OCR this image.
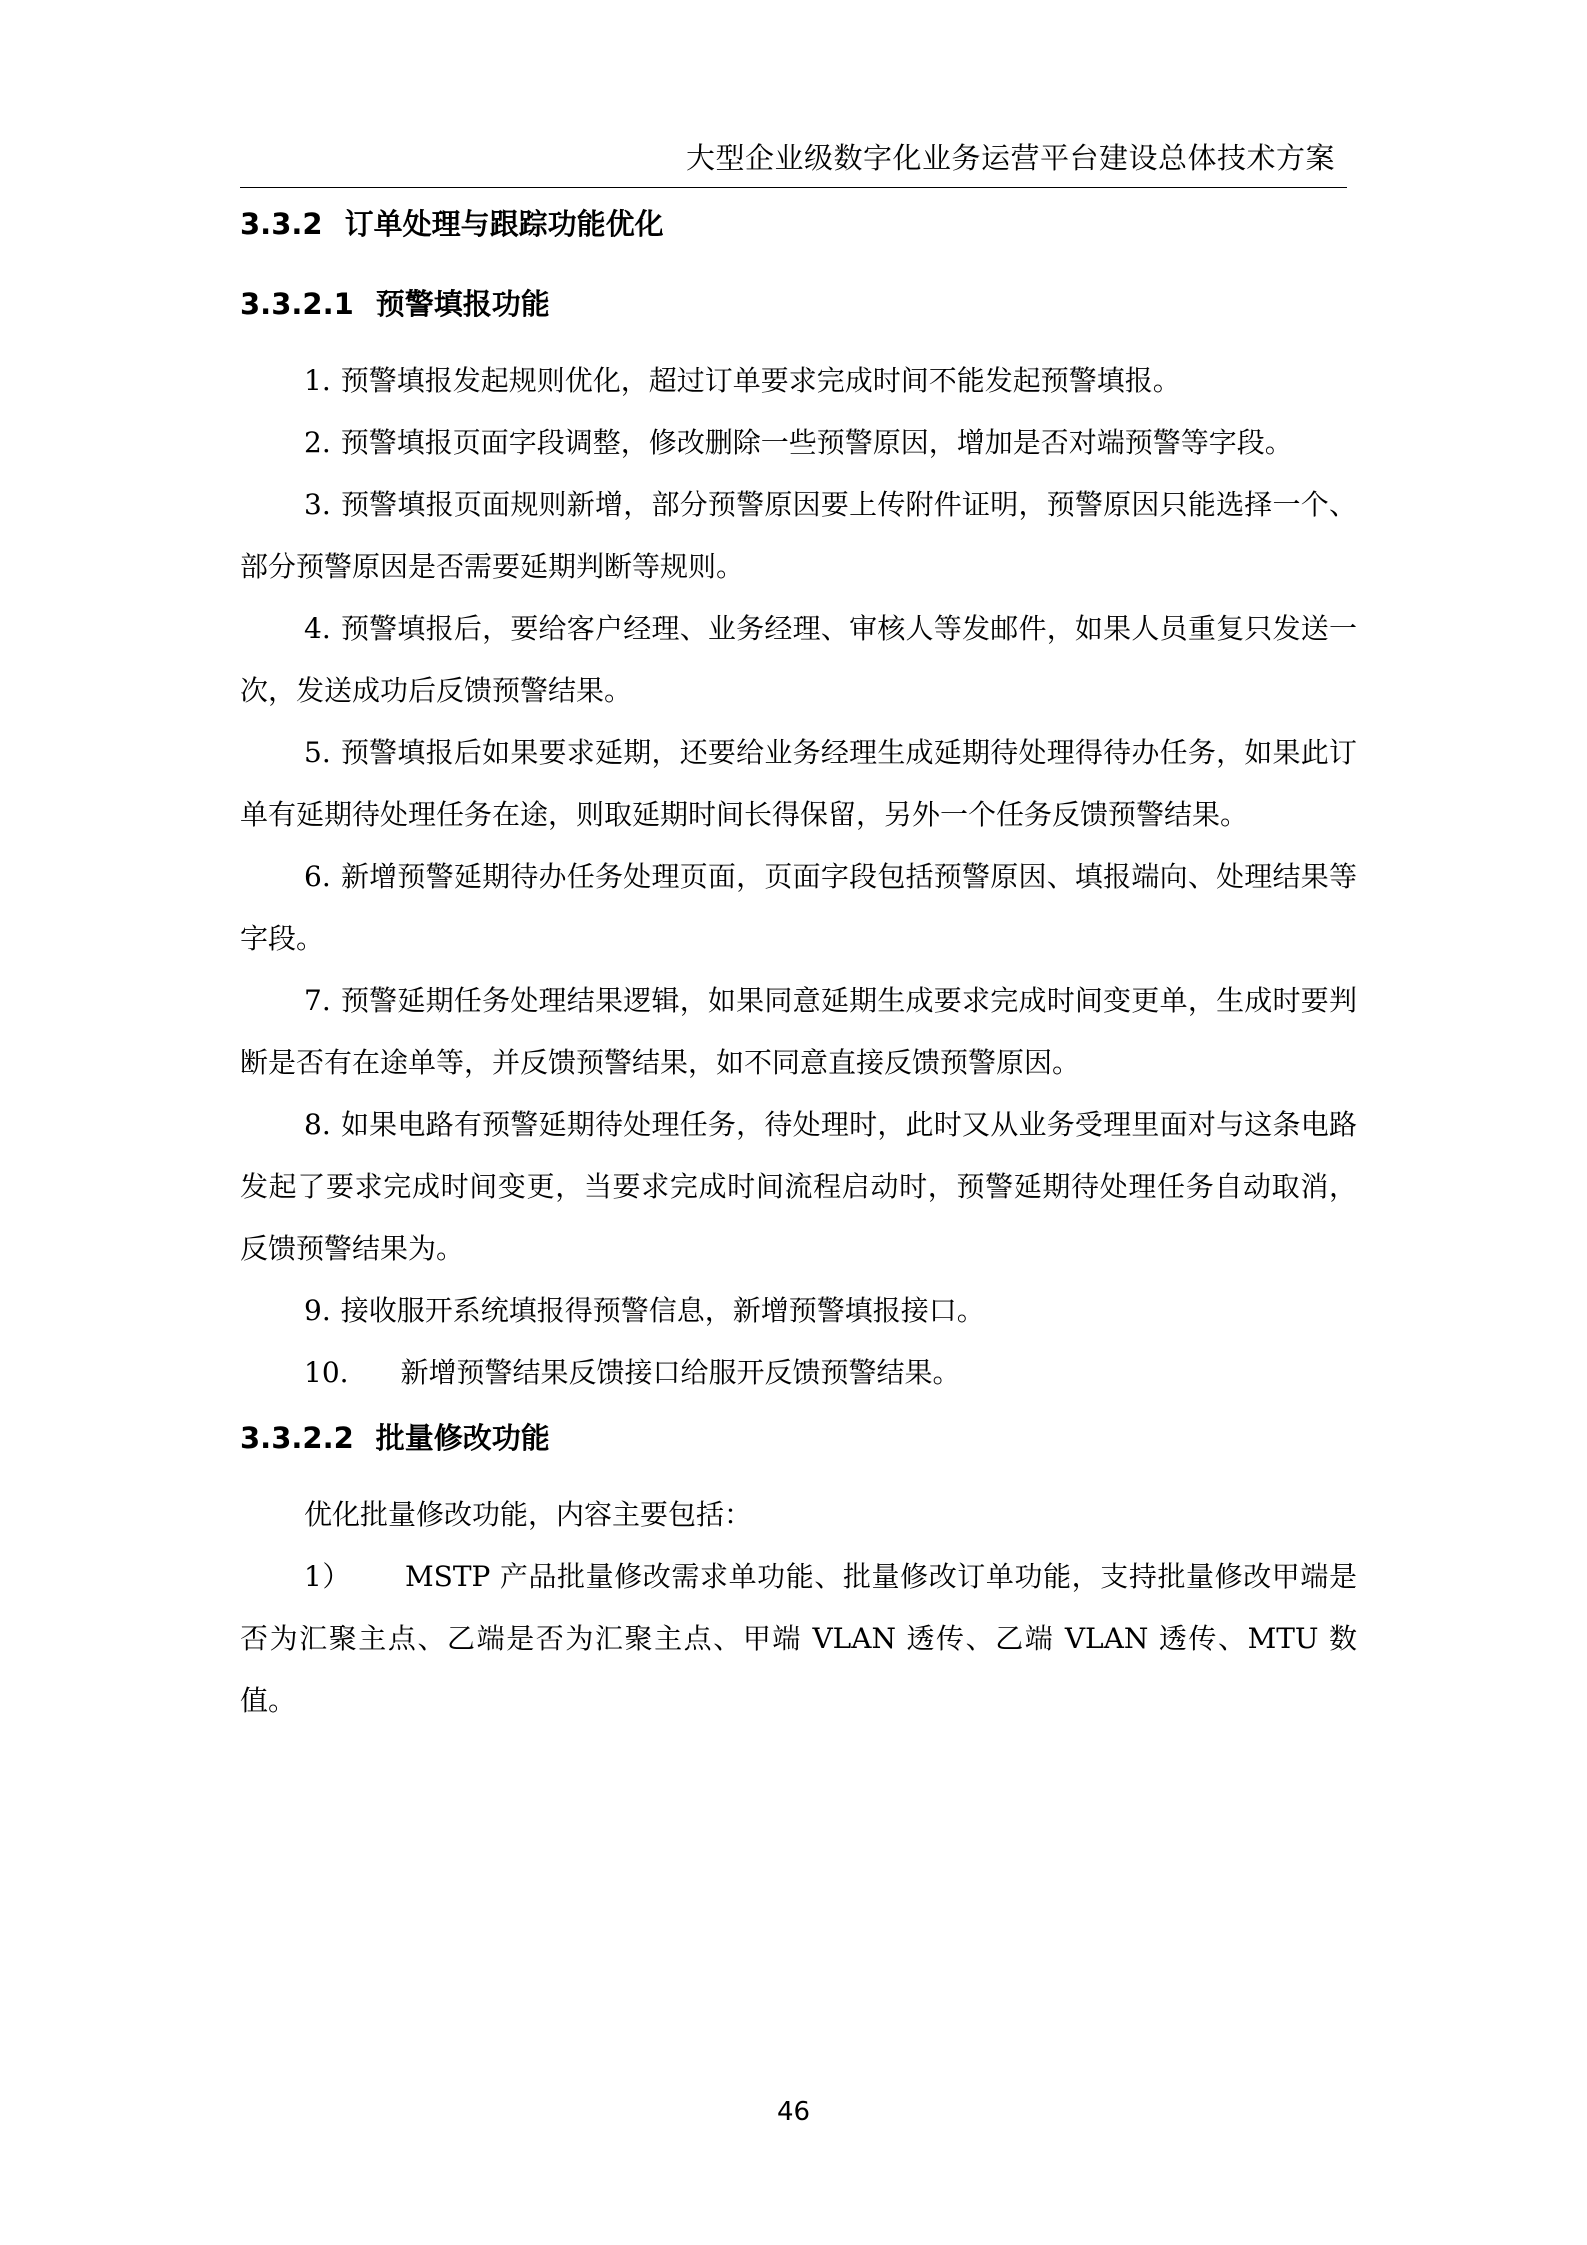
大型企业级数字化业务运营平台建设总体技术方案
3.3.2 订单处理与跟踪功能优化
3.3.2.1 预警填报功能

1. 预警填报发起规则优化，超过订单要求完成时间不能发起预警填报。

2. 预警填报页面字段调整，修改删除一些预警原因，增加是否对端预警等字段。

3. 预警填报页面规则新增，部分预警原因要上传附件证明，预警原因只能选择一个、部分预警原因是否需要延期判断等规则。

4. 预警填报后，要给客户经理、业务经理、审核人等发邮件，如果人员重复只发送一次，发送成功后反馈预警结果。

5. 预警填报后如果要求延期，还要给业务经理生成延期待处理得待办任务，如果此订单有延期待处理任务在途，则取延期时间长得保留，另外一个任务反馈预警结果。

6. 新增预警延期待办任务处理页面，页面字段包括预警原因、填报端向、处理结果等字段。

7. 预警延期任务处理结果逻辑，如果同意延期生成要求完成时间变更单，生成时要判断是否有在途单等，并反馈预警结果，如不同意直接反馈预警原因。

8. 如果电路有预警延期待处理任务，待处理时，此时又从业务受理里面对与这条电路发起了要求完成时间变更，当要求完成时间流程启动时，预警延期待处理任务自动取消，反馈预警结果为。

9. 接收服开系统填报得预警信息，新增预警填报接口。

10. 新增预警结果反馈接口给服开反馈预警结果。

3.3.2.2 批量修改功能

优化批量修改功能，内容主要包括：

1） MSTP 产品批量修改需求单功能、批量修改订单功能，支持批量修改甲端是否为汇聚主点、乙端是否为汇聚主点、甲端 VLAN 透传、乙端 VLAN 透传、MTU 数值。

46
